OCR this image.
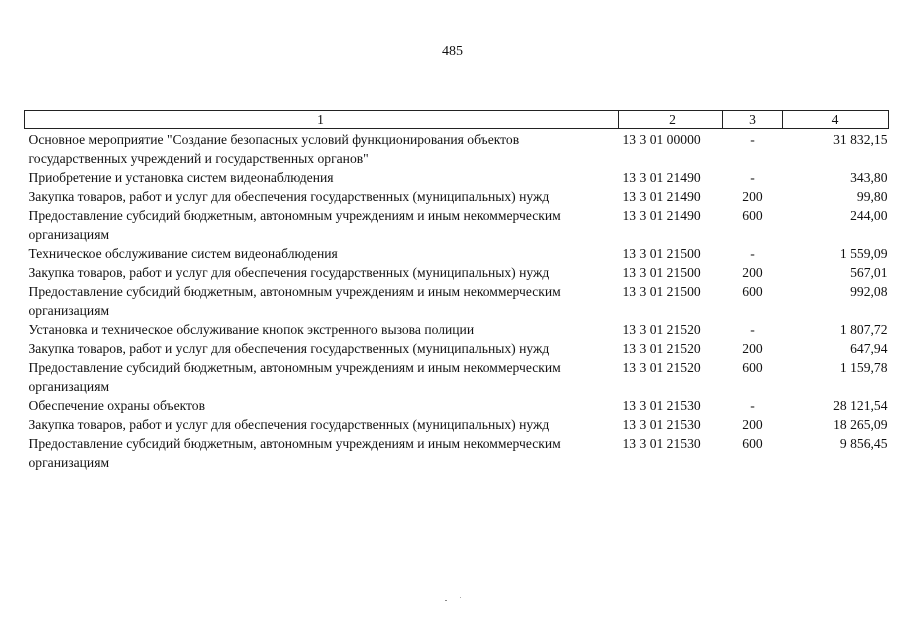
485
1	2	3	4
Основное мероприятие "Создание безопасных условий функционирования объектов государственных учреждений и государственных органов"	13 3 01 00000	-	31 832,15
Приобретение и установка систем видеонаблюдения	13 3 01 21490	-	343,80
Закупка товаров, работ и услуг для обеспечения государственных (муниципальных) нужд	13 3 01 21490	200	99,80
Предоставление субсидий бюджетным, автономным учреждениям и иным некоммерческим организациям	13 3 01 21490	600	244,00
Техническое обслуживание систем видеонаблюдения	13 3 01 21500	-	1 559,09
Закупка товаров, работ и услуг для обеспечения государственных (муниципальных) нужд	13 3 01 21500	200	567,01
Предоставление субсидий бюджетным, автономным учреждениям и иным некоммерческим организациям	13 3 01 21500	600	992,08
Установка и техническое обслуживание кнопок экстренного вызова полиции	13 3 01 21520	-	1 807,72
Закупка товаров, работ и услуг для обеспечения государственных (муниципальных) нужд	13 3 01 21520	200	647,94
Предоставление субсидий бюджетным, автономным учреждениям и иным некоммерческим организациям	13 3 01 21520	600	1 159,78
Обеспечение охраны объектов	13 3 01 21530	-	28 121,54
Закупка товаров, работ и услуг для обеспечения государственных (муниципальных) нужд	13 3 01 21530	200	18 265,09
Предоставление субсидий бюджетным, автономным учреждениям и иным некоммерческим организациям	13 3 01 21530	600	9 856,45
